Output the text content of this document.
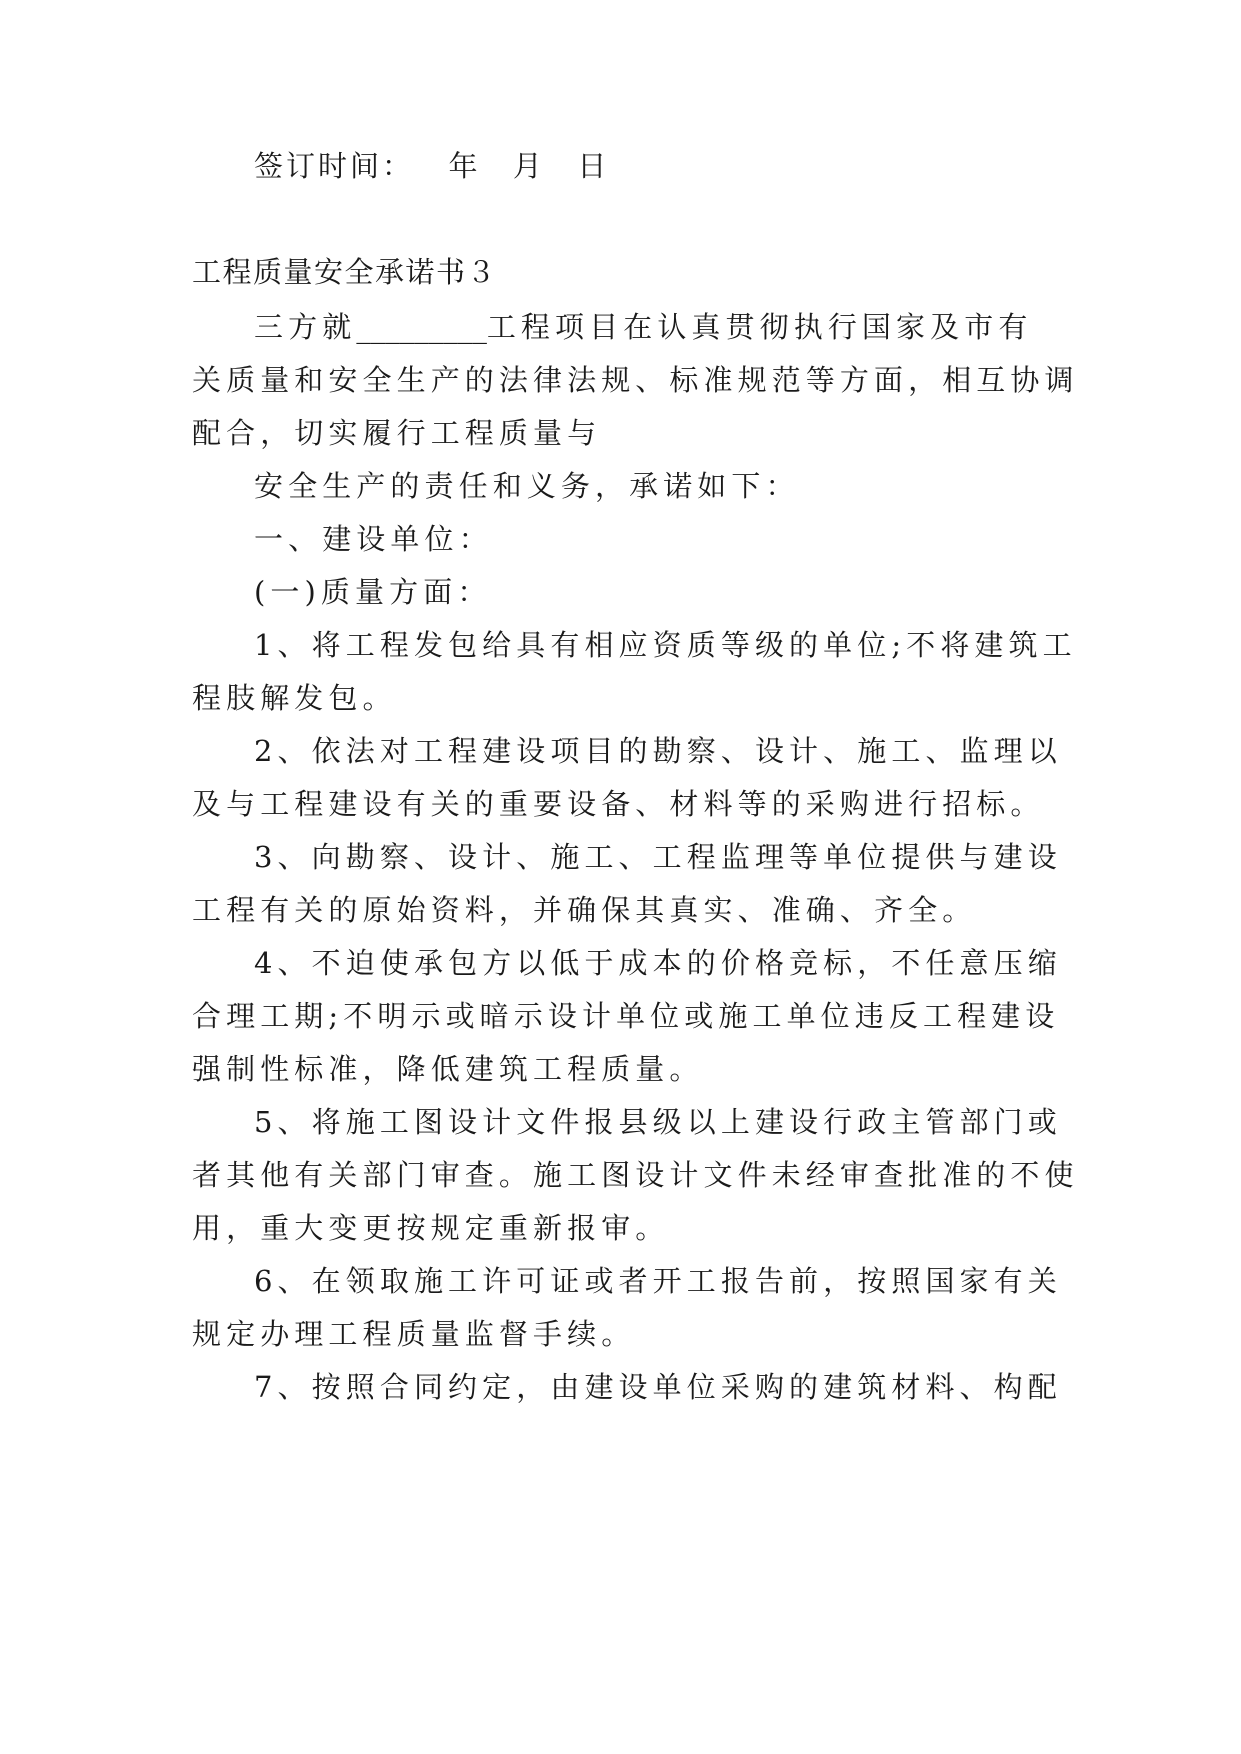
签订时间： 年 月 日
工程质量安全承诺书３
三方就_________工程项目在认真贯彻执行国家及市有
关质量和安全生产的法律法规、标准规范等方面，相互协调
配合，切实履行工程质量与
安全生产的责任和义务，承诺如下：
一、建设单位：
(一)质量方面：
1、将工程发包给具有相应资质等级的单位;不将建筑工
程肢解发包。
2、依法对工程建设项目的勘察、设计、施工、监理以
及与工程建设有关的重要设备、材料等的采购进行招标。
3、向勘察、设计、施工、工程监理等单位提供与建设
工程有关的原始资料，并确保其真实、准确、齐全。
4、不迫使承包方以低于成本的价格竞标，不任意压缩
合理工期;不明示或暗示设计单位或施工单位违反工程建设
强制性标准，降低建筑工程质量。
5、将施工图设计文件报县级以上建设行政主管部门或
者其他有关部门审查。施工图设计文件未经审查批准的不使
用，重大变更按规定重新报审。
6、在领取施工许可证或者开工报告前，按照国家有关
规定办理工程质量监督手续。
7、按照合同约定，由建设单位采购的建筑材料、构配
